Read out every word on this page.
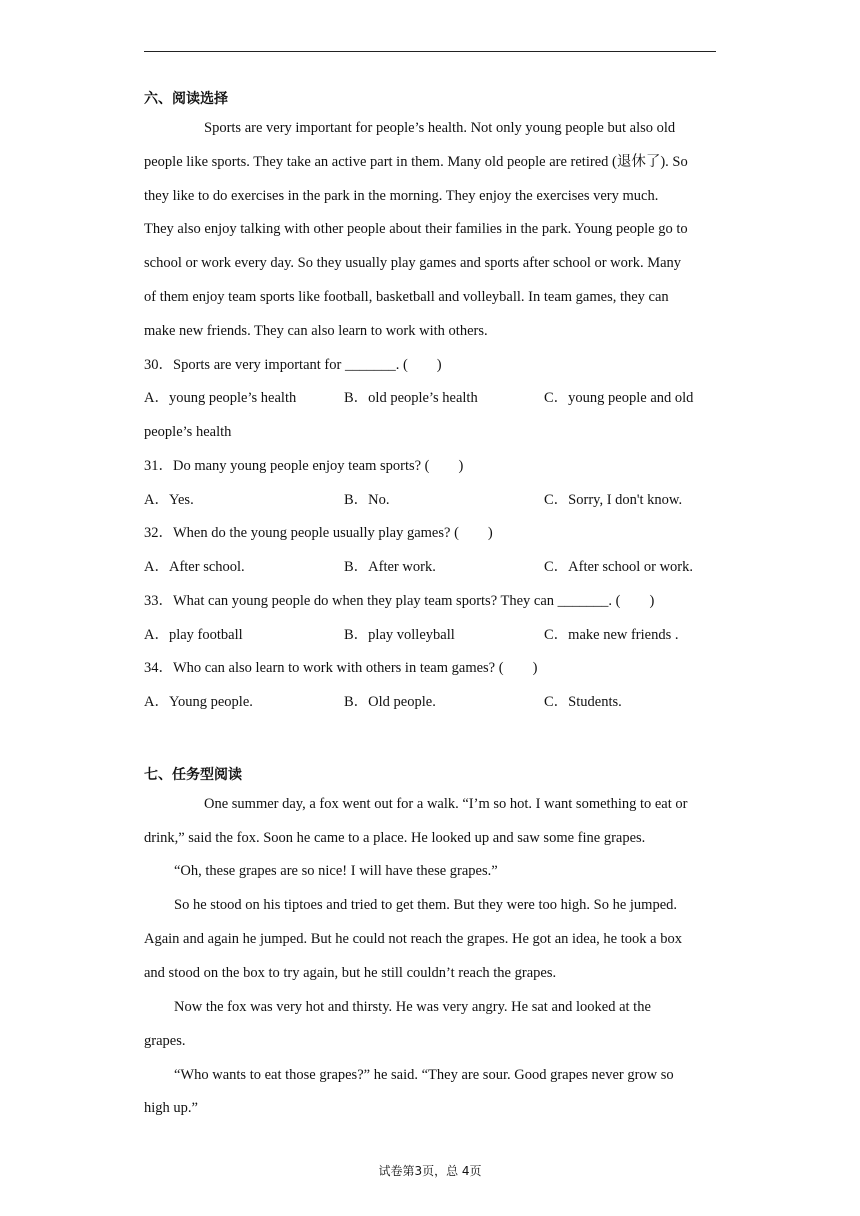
六、阅读选择
Sports are very important for people’s health. Not only young people but also old
people like sports. They take an active part in them. Many old people are retired (退休了). So
they like to do exercises in the park in the morning. They enjoy the exercises very much.
They also enjoy talking with other people about their families in the park. Young people go to
school or work every day. So they usually play games and sports after school or work. Many
of them enjoy team sports like football, basketball and volleyball. In team games, they can
make new friends. They can also learn to work with others.
30．Sports are very important for _______. (　　)
A．young people’s health	B．old people’s health	C．young people and old
people’s health
31．Do many young people enjoy team sports? (　　)
A．Yes.	B．No.	C．Sorry, I don't know.
32．When do the young people usually play games? (　　)
A．After school.	B．After work.	C．After school or work.
33．What can young people do when they play team sports? They can _______. (　　)
A．play football	B．play volleyball	C．make new friends .
34．Who can also learn to work with others in team games? (　　)
A．Young people.	B．Old people.	C．Students.
七、任务型阅读
One summer day, a fox went out for a walk. “I’m so hot. I want something to eat or
drink,” said the fox. Soon he came to a place. He looked up and saw some fine grapes.
“Oh, these grapes are so nice! I will have these grapes.”
So he stood on his tiptoes and tried to get them. But they were too high. So he jumped.
Again and again he jumped. But he could not reach the grapes. He got an idea, he took a box
and stood on the box to try again, but he still couldn’t reach the grapes.
Now the fox was very hot and thirsty. He was very angry. He sat and looked at the
grapes.
“Who wants to eat those grapes?” he said. “They are sour. Good grapes never grow so
high up.”
试卷第3页，总 4页
